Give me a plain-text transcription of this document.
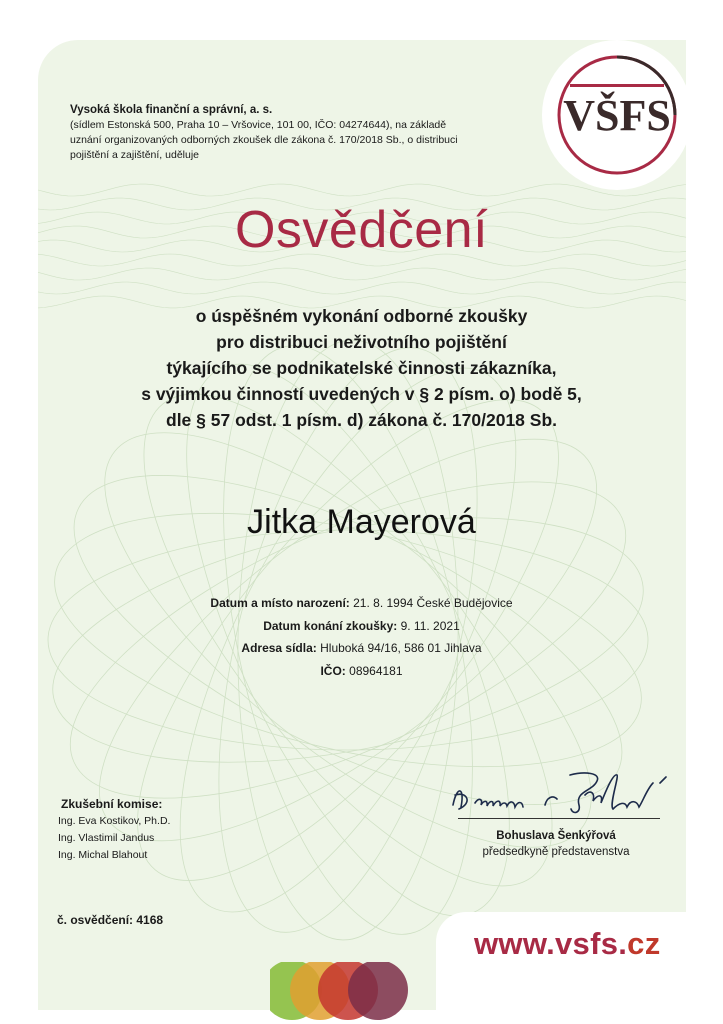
VŠFS
Vysoká škola finanční a správní, a. s.
(sídlem Estonská 500, Praha 10 – Vršovice, 101 00, IČO: 04274644), na základě
uznání organizovaných odborných zkoušek dle zákona č. 170/2018 Sb., o distribuci
pojištění a zajištění, uděluje
Osvědčení
o úspěšném vykonání odborné zkoušky
pro distribuci neživotního pojištění
týkajícího se podnikatelské činnosti zákazníka,
s výjimkou činností uvedených v § 2 písm. o) bodě 5,
dle § 57 odst. 1 písm. d) zákona č. 170/2018 Sb.
Jitka Mayerová
Datum a místo narození: 21. 8. 1994 České Budějovice
Datum konání zkoušky: 9. 11. 2021
Adresa sídla: Hluboká 94/16, 586 01 Jihlava
IČO: 08964181
Zkušební komise:
Ing. Eva Kostikov, Ph.D.
Ing. Vlastimil Jandus
Ing. Michal Blahout
Bohuslava Šenkýřová
předsedkyně představenstva
č. osvědčení: 4168
www.vsfs.cz
